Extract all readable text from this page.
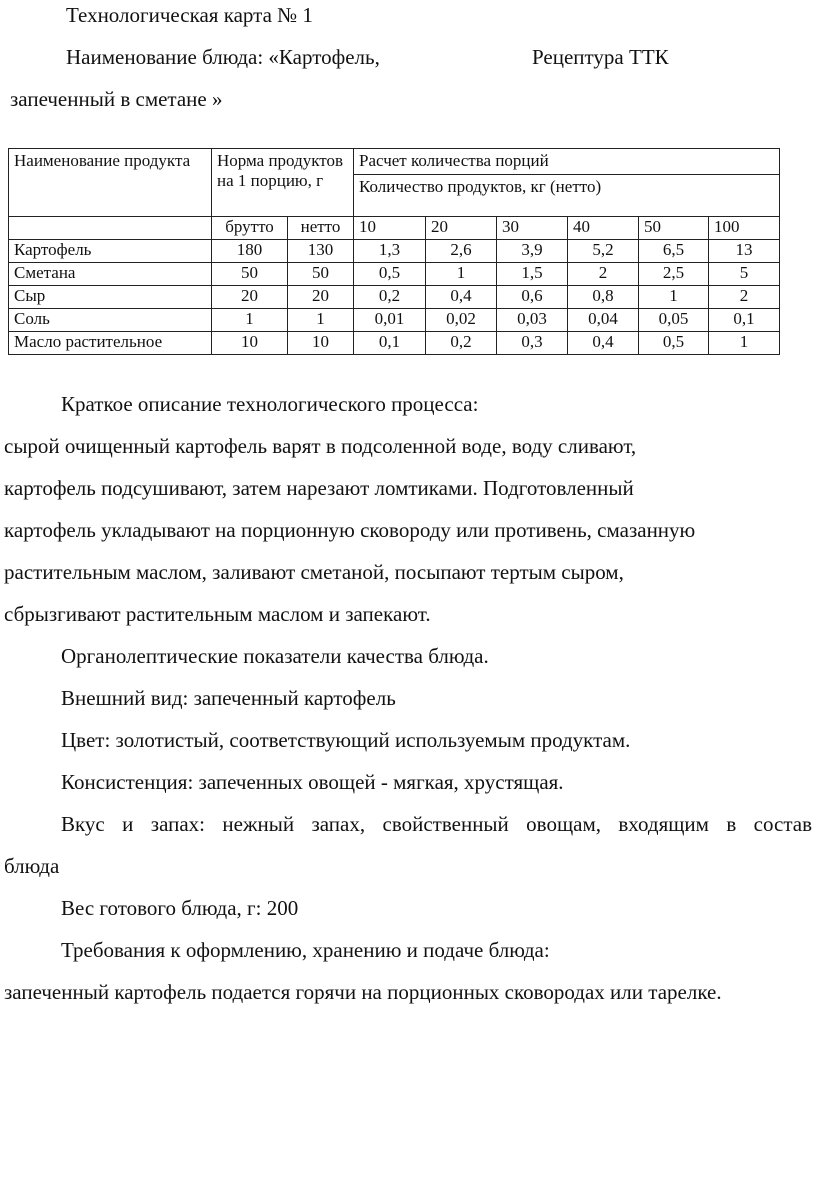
Технологическая карта № 1
Наименование блюда: «Картофель,	Рецептура ТТК
запеченный в сметане »
Наименование продукта	Норма продуктов на 1 порцию, г		Расчет количества порций					
			Количество продуктов, кг (нетто)					
	брутто	нетто	10	20	30	40	50	100
Картофель	180	130	1,3	2,6	3,9	5,2	6,5	13
Сметана	50	50	0,5	1	1,5	2	2,5	5
Сыр	20	20	0,2	0,4	0,6	0,8	1	2
Соль	1	1	0,01	0,02	0,03	0,04	0,05	0,1
Масло растительное	10	10	0,1	0,2	0,3	0,4	0,5	1
Краткое описание технологического процесса:
сырой очищенный картофель варят в подсоленной воде, воду сливают,
картофель подсушивают, затем нарезают ломтиками. Подготовленный
картофель укладывают на порционную сковороду или противень, смазанную
растительным маслом, заливают сметаной, посыпают тертым сыром,
сбрызгивают растительным маслом и запекают.
Органолептические показатели качества блюда.
Внешний вид: запеченный картофель
Цвет: золотистый, соответствующий используемым продуктам.
Консистенция: запеченных овощей - мягкая, хрустящая.
Вкус и запах: нежный запах, свойственный овощам, входящим в состав
блюда
Вес готового блюда, г: 200
Требования к оформлению, хранению и подаче блюда:
запеченный картофель подается горячи на порционных сковородах или тарелке.
